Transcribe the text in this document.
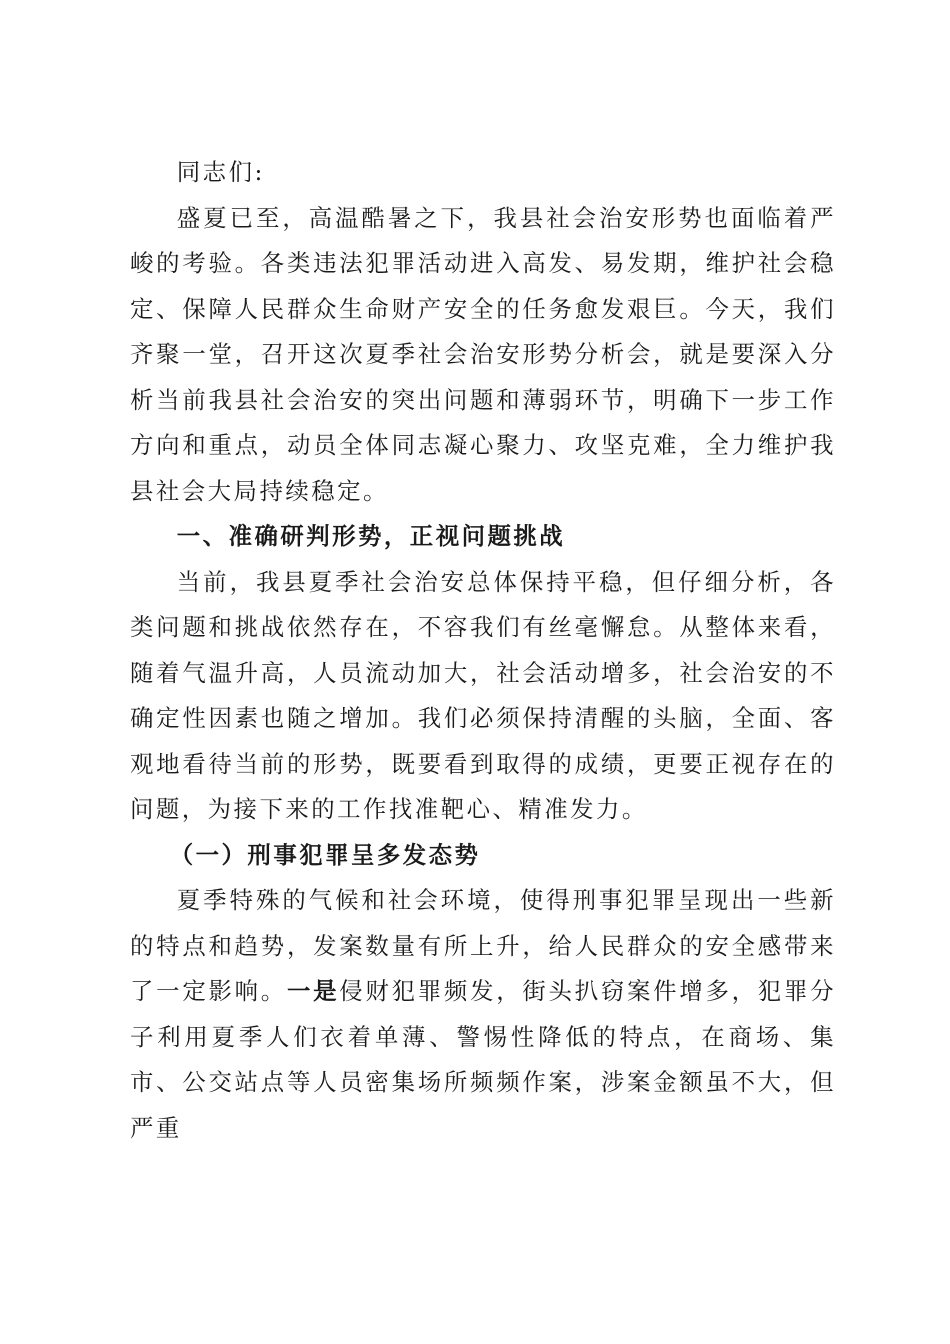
同志们:

盛夏已至，高温酷暑之下，我县社会治安形势也面临着严峻的考验。各类违法犯罪活动进入高发、易发期，维护社会稳定、保障人民群众生命财产安全的任务愈发艰巨。今天，我们齐聚一堂，召开这次夏季社会治安形势分析会，就是要深入分析当前我县社会治安的突出问题和薄弱环节，明确下一步工作方向和重点，动员全体同志凝心聚力、攻坚克难，全力维护我县社会大局持续稳定。

一、准确研判形势，正视问题挑战

当前，我县夏季社会治安总体保持平稳，但仔细分析，各类问题和挑战依然存在，不容我们有丝毫懈怠。从整体来看，随着气温升高，人员流动加大，社会活动增多，社会治安的不确定性因素也随之增加。我们必须保持清醒的头脑，全面、客观地看待当前的形势，既要看到取得的成绩，更要正视存在的问题，为接下来的工作找准靶心、精准发力。

（一）刑事犯罪呈多发态势

夏季特殊的气候和社会环境，使得刑事犯罪呈现出一些新的特点和趋势，发案数量有所上升，给人民群众的安全感带来了一定影响。一是侵财犯罪频发，街头扒窃案件增多，犯罪分子利用夏季人们衣着单薄、警惕性降低的特点，在商场、集市、公交站点等人员密集场所频频作案，涉案金额虽不大，但严重
